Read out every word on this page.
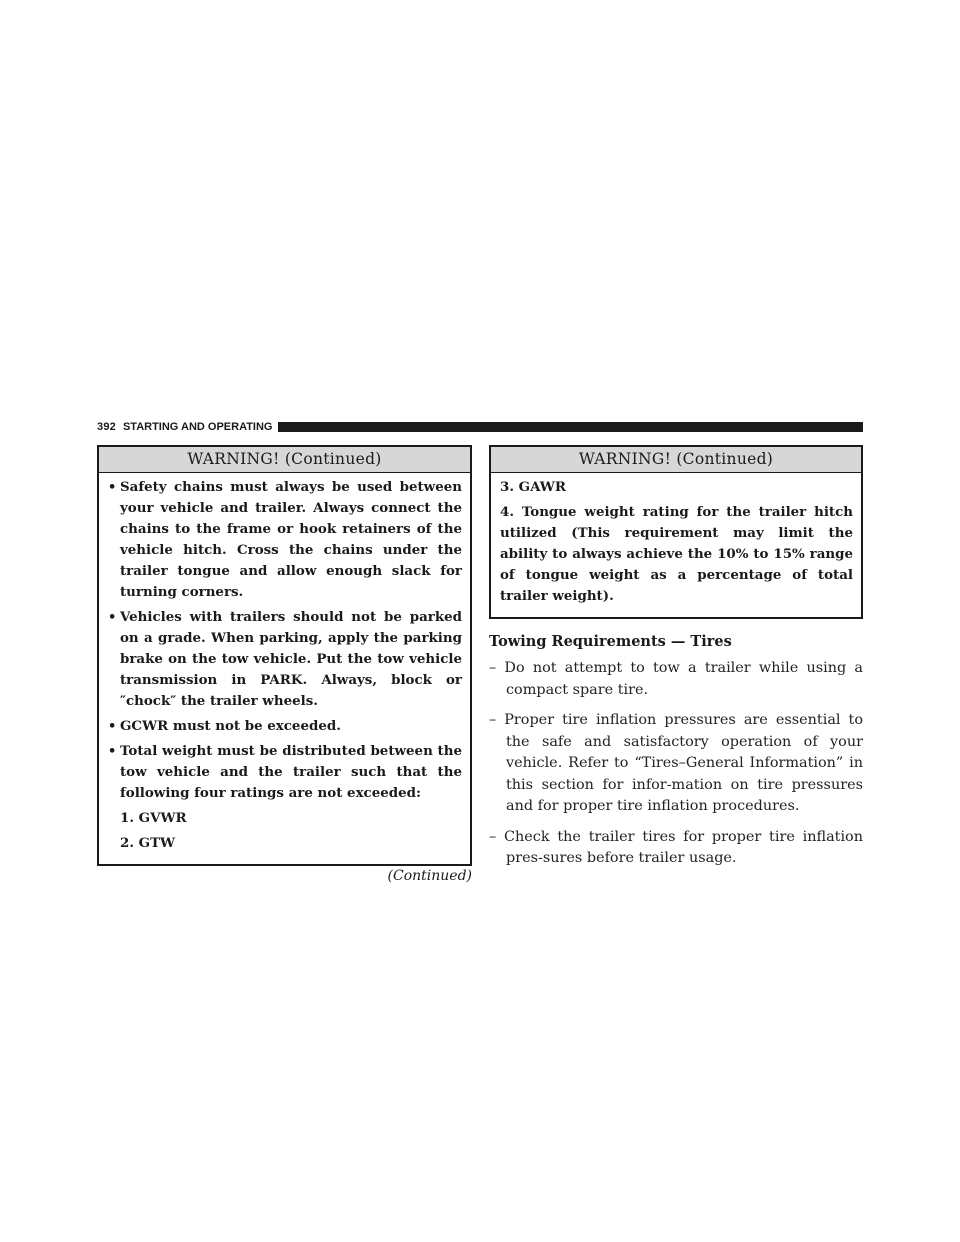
392 STARTING AND OPERATING
WARNING! (Continued)
• Safety chains must always be used between your vehicle and trailer. Always connect the chains to the frame or hook retainers of the vehicle hitch. Cross the chains under the trailer tongue and allow enough slack for turning corners.
• Vehicles with trailers should not be parked on a grade. When parking, apply the parking brake on the tow vehicle. Put the tow vehicle transmission in PARK. Always, block or ″chock″ the trailer wheels.
• GCWR must not be exceeded.
• Total weight must be distributed between the tow vehicle and the trailer such that the following four ratings are not exceeded:
1. GVWR
2. GTW
(Continued)
WARNING! (Continued)
3. GAWR
4. Tongue weight rating for the trailer hitch utilized (This requirement may limit the ability to always achieve the 10% to 15% range of tongue weight as a percentage of total trailer weight).
Towing Requirements — Tires
– Do not attempt to tow a trailer while using a compact spare tire.
– Proper tire inflation pressures are essential to the safe and satisfactory operation of your vehicle. Refer to “Tires–General Information” in this section for infor-mation on tire pressures and for proper tire inflation procedures.
– Check the trailer tires for proper tire inflation pres-sures before trailer usage.
